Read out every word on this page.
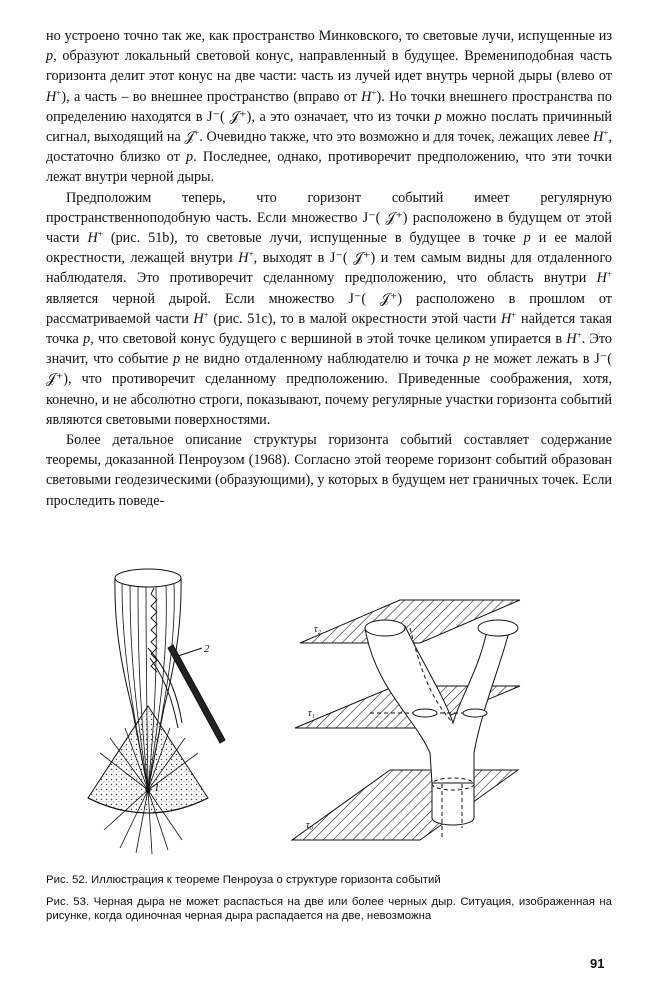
но устроено точно так же, как пространство Минковского, то световые лучи, испущенные из p, образуют локальный световой конус, направленный в будущее. Времениподобная часть горизонта делит этот конус на две части: часть из лучей идет внутрь черной дыры (влево от H+), а часть – во внешнее пространство (вправо от H+). Но точки внешнего пространства по определению находятся в J⁻( 𝒥⁺), а это означает, что из точки p можно послать причинный сигнал, выходящий на 𝒥+. Очевидно также, что это возможно и для точек, лежащих левее H+, достаточно близко от p. Последнее, однако, противоречит предположению, что эти точки лежат внутри черной дыры.

Предположим теперь, что горизонт событий имеет регулярную пространственноподобную часть. Если множество J⁻( 𝒥⁺) расположено в будущем от этой части H+ (рис. 51b), то световые лучи, испущенные в будущее в точке p и ее малой окрестности, лежащей внутри H+, выходят в J⁻( 𝒥⁺) и тем самым видны для отдаленного наблюдателя. Это противоречит сделанному предположению, что область внутри H+ является черной дырой. Если множество J⁻( 𝒥⁺) расположено в прошлом от рассматриваемой части H+ (рис. 51c), то в малой окрестности этой части H+ найдется такая точка p, что световой конус будущего с вершиной в этой точке целиком упирается в H+. Это значит, что событие p не видно отдаленному наблюдателю и точка p не может лежать в J⁻( 𝒥⁺), что противоречит сделанному предположению. Приведенные соображения, хотя, конечно, и не абсолютно строги, показывают, почему регулярные участки горизонта событий являются световыми поверхностями.

Более детальное описание структуры горизонта событий составляет содержание теоремы, доказанной Пенроузом (1968). Согласно этой теореме горизонт событий образован световыми геодезическими (образующими), у которых в будущем нет граничных точек. Если проследить поведе-

2
1
τ₂
τ₁
τ₀
Рис. 52. Иллюстрация к теореме Пенроуза о структуре горизонта событий
Рис. 53. Черная дыра не может распасться на две или более черных дыр. Ситуация, изображенная на рисунке, когда одиночная черная дыра распадается на две, невозможна
91
